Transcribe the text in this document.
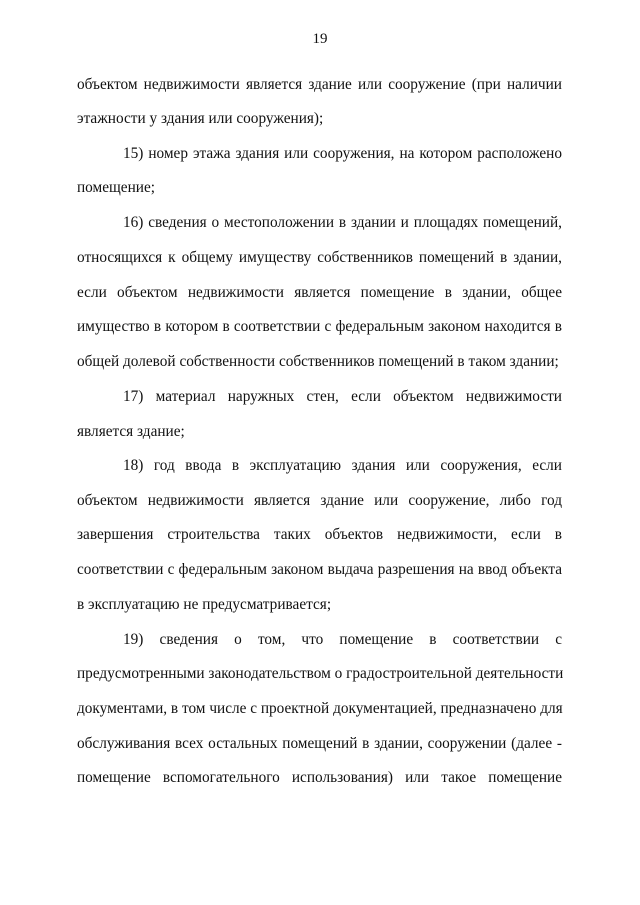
19
объектом недвижимости является здание или сооружение (при наличии
этажности у здания или сооружения);
15) номер этажа здания или сооружения, на котором расположено
помещение;
16) сведения о местоположении в здании и площадях помещений,
относящихся к общему имуществу собственников помещений в здании,
если объектом недвижимости является помещение в здании, общее
имущество в котором в соответствии с федеральным законом находится в
общей долевой собственности собственников помещений в таком здании;
17) материал наружных стен, если объектом недвижимости
является здание;
18) год ввода в эксплуатацию здания или сооружения, если
объектом недвижимости является здание или сооружение, либо год
завершения строительства таких объектов недвижимости, если в
соответствии с федеральным законом выдача разрешения на ввод объекта
в эксплуатацию не предусматривается;
19) сведения о том, что помещение в соответствии с
предусмотренными законодательством о градостроительной деятельности
документами, в том числе с проектной документацией, предназначено для
обслуживания всех остальных помещений в здании, сооружении (далее -
помещение вспомогательного использования) или такое помещение
